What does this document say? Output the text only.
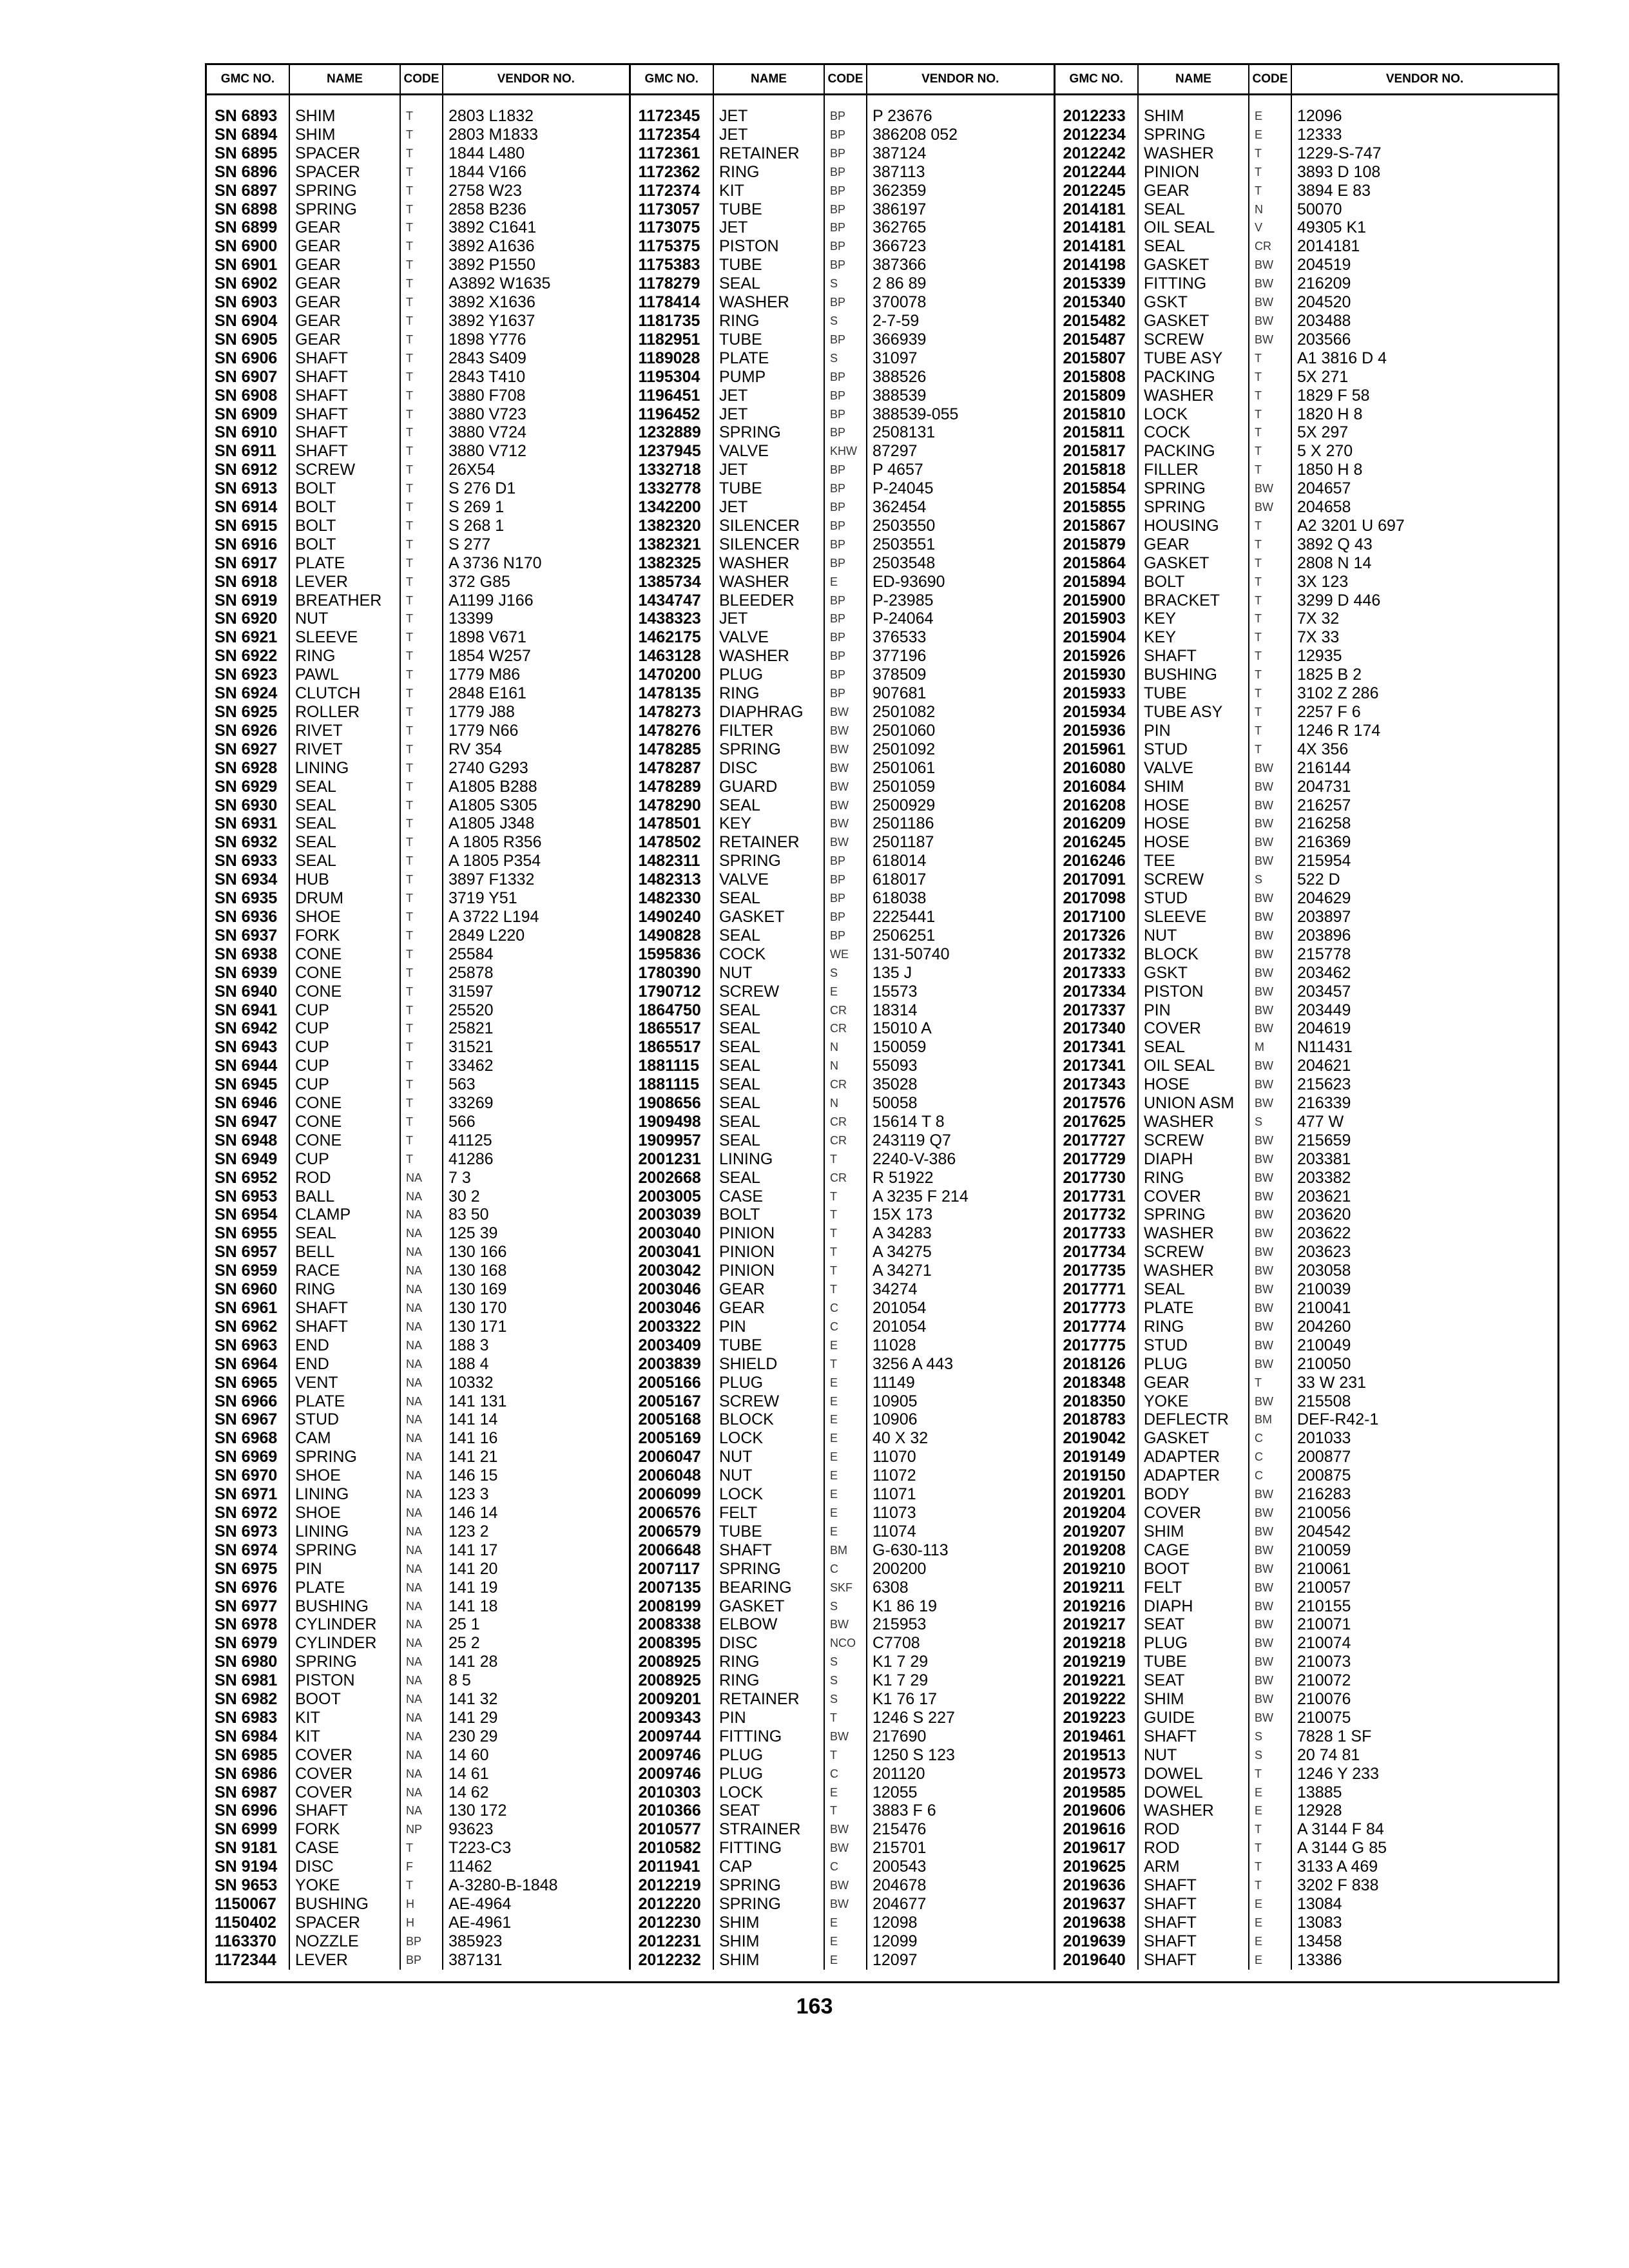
GMC NO.	NAME	CODE	VENDOR NO.	GMC NO.	NAME	CODE	VENDOR NO.	GMC NO.	NAME	CODE	VENDOR NO.
SN 6893	SHIM	T	2803 L1832	1172345	JET	BP	P 23676	2012233	SHIM	E	12096
SN 6894	SHIM	T	2803 M1833	1172354	JET	BP	386208 052	2012234	SPRING	E	12333
SN 6895	SPACER	T	1844 L480	1172361	RETAINER	BP	387124	2012242	WASHER	T	1229-S-747
SN 6896	SPACER	T	1844 V166	1172362	RING	BP	387113	2012244	PINION	T	3893 D 108
SN 6897	SPRING	T	2758 W23	1172374	KIT	BP	362359	2012245	GEAR	T	3894 E 83
SN 6898	SPRING	T	2858 B236	1173057	TUBE	BP	386197	2014181	SEAL	N	50070
SN 6899	GEAR	T	3892 C1641	1173075	JET	BP	362765	2014181	OIL SEAL	V	49305 K1
SN 6900	GEAR	T	3892 A1636	1175375	PISTON	BP	366723	2014181	SEAL	CR	2014181
SN 6901	GEAR	T	3892 P1550	1175383	TUBE	BP	387366	2014198	GASKET	BW	204519
SN 6902	GEAR	T	A3892 W1635	1178279	SEAL	S	2 86 89	2015339	FITTING	BW	216209
SN 6903	GEAR	T	3892 X1636	1178414	WASHER	BP	370078	2015340	GSKT	BW	204520
SN 6904	GEAR	T	3892 Y1637	1181735	RING	S	2-7-59	2015482	GASKET	BW	203488
SN 6905	GEAR	T	1898 Y776	1182951	TUBE	BP	366939	2015487	SCREW	BW	203566
SN 6906	SHAFT	T	2843 S409	1189028	PLATE	S	31097	2015807	TUBE ASY	T	A1 3816 D 4
SN 6907	SHAFT	T	2843 T410	1195304	PUMP	BP	388526	2015808	PACKING	T	5X 271
SN 6908	SHAFT	T	3880 F708	1196451	JET	BP	388539	2015809	WASHER	T	1829 F 58
SN 6909	SHAFT	T	3880 V723	1196452	JET	BP	388539-055	2015810	LOCK	T	1820 H 8
SN 6910	SHAFT	T	3880 V724	1232889	SPRING	BP	2508131	2015811	COCK	T	5X 297
SN 6911	SHAFT	T	3880 V712	1237945	VALVE	KHW	87297	2015817	PACKING	T	5 X 270
SN 6912	SCREW	T	26X54	1332718	JET	BP	P 4657	2015818	FILLER	T	1850 H 8
SN 6913	BOLT	T	S 276 D1	1332778	TUBE	BP	P-24045	2015854	SPRING	BW	204657
SN 6914	BOLT	T	S 269 1	1342200	JET	BP	362454	2015855	SPRING	BW	204658
SN 6915	BOLT	T	S 268 1	1382320	SILENCER	BP	2503550	2015867	HOUSING	T	A2 3201 U 697
SN 6916	BOLT	T	S 277	1382321	SILENCER	BP	2503551	2015879	GEAR	T	3892 Q 43
SN 6917	PLATE	T	A 3736 N170	1382325	WASHER	BP	2503548	2015864	GASKET	T	2808 N 14
SN 6918	LEVER	T	372 G85	1385734	WASHER	E	ED-93690	2015894	BOLT	T	3X 123
SN 6919	BREATHER	T	A1199 J166	1434747	BLEEDER	BP	P-23985	2015900	BRACKET	T	3299 D 446
SN 6920	NUT	T	13399	1438323	JET	BP	P-24064	2015903	KEY	T	7X 32
SN 6921	SLEEVE	T	1898 V671	1462175	VALVE	BP	376533	2015904	KEY	T	7X 33
SN 6922	RING	T	1854 W257	1463128	WASHER	BP	377196	2015926	SHAFT	T	12935
SN 6923	PAWL	T	1779 M86	1470200	PLUG	BP	378509	2015930	BUSHING	T	1825 B 2
SN 6924	CLUTCH	T	2848 E161	1478135	RING	BP	907681	2015933	TUBE	T	3102 Z 286
SN 6925	ROLLER	T	1779 J88	1478273	DIAPHRAG	BW	2501082	2015934	TUBE ASY	T	2257 F 6
SN 6926	RIVET	T	1779 N66	1478276	FILTER	BW	2501060	2015936	PIN	T	1246 R 174
SN 6927	RIVET	T	RV 354	1478285	SPRING	BW	2501092	2015961	STUD	T	4X 356
SN 6928	LINING	T	2740 G293	1478287	DISC	BW	2501061	2016080	VALVE	BW	216144
SN 6929	SEAL	T	A1805 B288	1478289	GUARD	BW	2501059	2016084	SHIM	BW	204731
SN 6930	SEAL	T	A1805 S305	1478290	SEAL	BW	2500929	2016208	HOSE	BW	216257
SN 6931	SEAL	T	A1805 J348	1478501	KEY	BW	2501186	2016209	HOSE	BW	216258
SN 6932	SEAL	T	A 1805 R356	1478502	RETAINER	BW	2501187	2016245	HOSE	BW	216369
SN 6933	SEAL	T	A 1805 P354	1482311	SPRING	BP	618014	2016246	TEE	BW	215954
SN 6934	HUB	T	3897 F1332	1482313	VALVE	BP	618017	2017091	SCREW	S	522 D
SN 6935	DRUM	T	3719 Y51	1482330	SEAL	BP	618038	2017098	STUD	BW	204629
SN 6936	SHOE	T	A 3722 L194	1490240	GASKET	BP	2225441	2017100	SLEEVE	BW	203897
SN 6937	FORK	T	2849 L220	1490828	SEAL	BP	2506251	2017326	NUT	BW	203896
SN 6938	CONE	T	25584	1595836	COCK	WE	131-50740	2017332	BLOCK	BW	215778
SN 6939	CONE	T	25878	1780390	NUT	S	135 J	2017333	GSKT	BW	203462
SN 6940	CONE	T	31597	1790712	SCREW	E	15573	2017334	PISTON	BW	203457
SN 6941	CUP	T	25520	1864750	SEAL	CR	18314	2017337	PIN	BW	203449
SN 6942	CUP	T	25821	1865517	SEAL	CR	15010 A	2017340	COVER	BW	204619
SN 6943	CUP	T	31521	1865517	SEAL	N	150059	2017341	SEAL	M	N11431
SN 6944	CUP	T	33462	1881115	SEAL	N	55093	2017341	OIL SEAL	BW	204621
SN 6945	CUP	T	563	1881115	SEAL	CR	35028	2017343	HOSE	BW	215623
SN 6946	CONE	T	33269	1908656	SEAL	N	50058	2017576	UNION ASM	BW	216339
SN 6947	CONE	T	566	1909498	SEAL	CR	15614 T 8	2017625	WASHER	S	477 W
SN 6948	CONE	T	41125	1909957	SEAL	CR	243119 Q7	2017727	SCREW	BW	215659
SN 6949	CUP	T	41286	2001231	LINING	T	2240-V-386	2017729	DIAPH	BW	203381
SN 6952	ROD	NA	7 3	2002668	SEAL	CR	R 51922	2017730	RING	BW	203382
SN 6953	BALL	NA	30 2	2003005	CASE	T	A 3235 F 214	2017731	COVER	BW	203621
SN 6954	CLAMP	NA	83 50	2003039	BOLT	T	15X 173	2017732	SPRING	BW	203620
SN 6955	SEAL	NA	125 39	2003040	PINION	T	A 34283	2017733	WASHER	BW	203622
SN 6957	BELL	NA	130 166	2003041	PINION	T	A 34275	2017734	SCREW	BW	203623
SN 6959	RACE	NA	130 168	2003042	PINION	T	A 34271	2017735	WASHER	BW	203058
SN 6960	RING	NA	130 169	2003046	GEAR	T	34274	2017771	SEAL	BW	210039
SN 6961	SHAFT	NA	130 170	2003046	GEAR	C	201054	2017773	PLATE	BW	210041
SN 6962	SHAFT	NA	130 171	2003322	PIN	C	201054	2017774	RING	BW	204260
SN 6963	END	NA	188 3	2003409	TUBE	E	11028	2017775	STUD	BW	210049
SN 6964	END	NA	188 4	2003839	SHIELD	T	3256 A 443	2018126	PLUG	BW	210050
SN 6965	VENT	NA	10332	2005166	PLUG	E	11149	2018348	GEAR	T	33 W 231
SN 6966	PLATE	NA	141 131	2005167	SCREW	E	10905	2018350	YOKE	BW	215508
SN 6967	STUD	NA	141 14	2005168	BLOCK	E	10906	2018783	DEFLECTR	BM	DEF-R42-1
SN 6968	CAM	NA	141 16	2005169	LOCK	E	40 X 32	2019042	GASKET	C	201033
SN 6969	SPRING	NA	141 21	2006047	NUT	E	11070	2019149	ADAPTER	C	200877
SN 6970	SHOE	NA	146 15	2006048	NUT	E	11072	2019150	ADAPTER	C	200875
SN 6971	LINING	NA	123 3	2006099	LOCK	E	11071	2019201	BODY	BW	216283
SN 6972	SHOE	NA	146 14	2006576	FELT	E	11073	2019204	COVER	BW	210056
SN 6973	LINING	NA	123 2	2006579	TUBE	E	11074	2019207	SHIM	BW	204542
SN 6974	SPRING	NA	141 17	2006648	SHAFT	BM	G-630-113	2019208	CAGE	BW	210059
SN 6975	PIN	NA	141 20	2007117	SPRING	C	200200	2019210	BOOT	BW	210061
SN 6976	PLATE	NA	141 19	2007135	BEARING	SKF	6308	2019211	FELT	BW	210057
SN 6977	BUSHING	NA	141 18	2008199	GASKET	S	K1 86 19	2019216	DIAPH	BW	210155
SN 6978	CYLINDER	NA	25 1	2008338	ELBOW	BW	215953	2019217	SEAT	BW	210071
SN 6979	CYLINDER	NA	25 2	2008395	DISC	NCO	C7708	2019218	PLUG	BW	210074
SN 6980	SPRING	NA	141 28	2008925	RING	S	K1 7 29	2019219	TUBE	BW	210073
SN 6981	PISTON	NA	8 5	2008925	RING	S	K1 7 29	2019221	SEAT	BW	210072
SN 6982	BOOT	NA	141 32	2009201	RETAINER	S	K1 76 17	2019222	SHIM	BW	210076
SN 6983	KIT	NA	141 29	2009343	PIN	T	1246 S 227	2019223	GUIDE	BW	210075
SN 6984	KIT	NA	230 29	2009744	FITTING	BW	217690	2019461	SHAFT	S	7828 1 SF
SN 6985	COVER	NA	14 60	2009746	PLUG	T	1250 S 123	2019513	NUT	S	20 74 81
SN 6986	COVER	NA	14 61	2009746	PLUG	C	201120	2019573	DOWEL	T	1246 Y 233
SN 6987	COVER	NA	14 62	2010303	LOCK	E	12055	2019585	DOWEL	E	13885
SN 6996	SHAFT	NA	130 172	2010366	SEAT	T	3883 F 6	2019606	WASHER	E	12928
SN 6999	FORK	NP	93623	2010577	STRAINER	BW	215476	2019616	ROD	T	A 3144 F 84
SN 9181	CASE	T	T223-C3	2010582	FITTING	BW	215701	2019617	ROD	T	A 3144 G 85
SN 9194	DISC	F	11462	2011941	CAP	C	200543	2019625	ARM	T	3133 A 469
SN 9653	YOKE	T	A-3280-B-1848	2012219	SPRING	BW	204678	2019636	SHAFT	T	3202 F 838
1150067	BUSHING	H	AE-4964	2012220	SPRING	BW	204677	2019637	SHAFT	E	13084
1150402	SPACER	H	AE-4961	2012230	SHIM	E	12098	2019638	SHAFT	E	13083
1163370	NOZZLE	BP	385923	2012231	SHIM	E	12099	2019639	SHAFT	E	13458
1172344	LEVER	BP	387131	2012232	SHIM	E	12097	2019640	SHAFT	E	13386
163
